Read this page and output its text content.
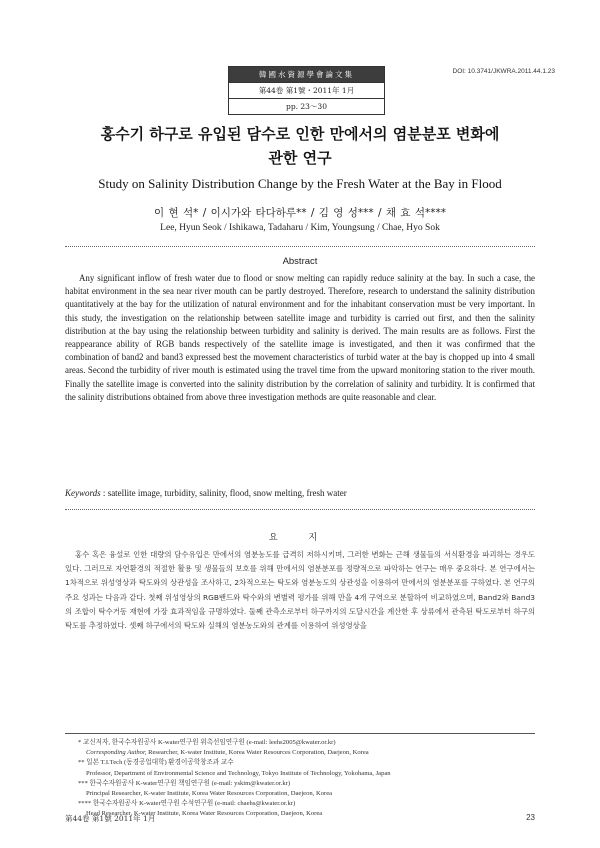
韓國水資源學會論文集
第44卷 第1號・2011年 1月
pp. 23～30
DOI: 10.3741/JKWRA.2011.44.1.23
홍수기 하구로 유입된 담수로 인한 만에서의 염분분포 변화에
관한 연구
Study on Salinity Distribution Change by the Fresh Water at the Bay in Flood
이 현 석* / 이시가와 타다하루** / 김 영 성*** / 채 효 석****
Lee, Hyun Seok / Ishikawa, Tadaharu / Kim, Youngsung / Chae, Hyo Sok
Abstract
Any significant inflow of fresh water due to flood or snow melting can rapidly reduce salinity at the bay. In such a case, the habitat environment in the sea near river mouth can be partly destroyed. Therefore, research to understand the salinity distribution quantitatively at the bay for the utilization of natural environment and for the inhabitant conservation must be very important. In this study, the investigation on the relationship between satellite image and turbidity is carried out first, and then the salinity distribution at the bay using the relationship between turbidity and salinity is derived. The main results are as follows. First the reappearance ability of RGB bands respectively of the satellite image is investigated, and then it was confirmed that the combination of band2 and band3 expressed best the movement characteristics of turbid water at the bay is chopped up into 4 small areas. Second the turbidity of river mouth is estimated using the travel time from the upward monitoring station to the river mouth. Finally the satellite image is converted into the salinity distribution by the correlation of salinity and turbidity. It is confirmed that the salinity distributions obtained from above three investigation methods are quite reasonable and clear.
Keywords : satellite image, turbidity, salinity, flood, snow melting, fresh water
요 지
홍수 혹은 융설로 인한 대량의 담수유입은 만에서의 염분농도를 급격히 저하시키며, 그러한 변화는 근해 생물들의 서식환경을 파괴하는 경우도 있다. 그러므로 자연환경의 적절한 활용 및 생물들의 보호를 위해 만에서의 염분분포를 정량적으로 파악하는 연구는 매우 중요하다. 본 연구에서는 1차적으로 위성영상과 탁도와의 상관성을 조사하고, 2차적으로는 탁도와 염분농도의 상관성을 이용하여 만에서의 염분분포를 구하였다. 본 연구의 주요 성과는 다음과 같다. 첫째 위성영상의 RGB밴드와 탁수와의 변별력 평가를 위해 만을 4개 구역으로 분할하여 비교하였으며, Band2와 Band3의 조합이 탁수거동 재현에 가장 효과적임을 규명하였다. 둘째 관측소로부터 하구까지의 도달시간을 계산한 후 상류에서 관측된 탁도로부터 하구의 탁도를 추정하였다. 셋째 하구에서의 탁도와 실해의 염분농도와의 관계를 이용하여 위성영상을
* 교신저자, 한국수자원공사 K-water연구원 위촉선임연구원 (e-mail: leehs2005@kwater.or.kr)
Corresponding Author, Researcher, K-water Institute, Korea Water Resources Corporation, Daejeon, Korea
** 일본 T.I.Tech (동경공업대학) 환경이공학창조과 교수
Professor, Department of Environmental Science and Technology, Tokyo Institute of Technology, Yokohama, Japan
*** 한국수자원공사 K-water연구원 책임연구원 (e-mail: yskim@kwater.or.kr)
Principal Researcher, K-water Institute, Korea Water Resources Corporation, Daejeon, Korea
**** 한국수자원공사 K-water연구원 수석연구원 (e-mail: chaehs@kwater.or.kr)
Head Researcher, K-water Institute, Korea Water Resources Corporation, Daejeon, Korea
第44卷 第1號 2011年 1月	23
